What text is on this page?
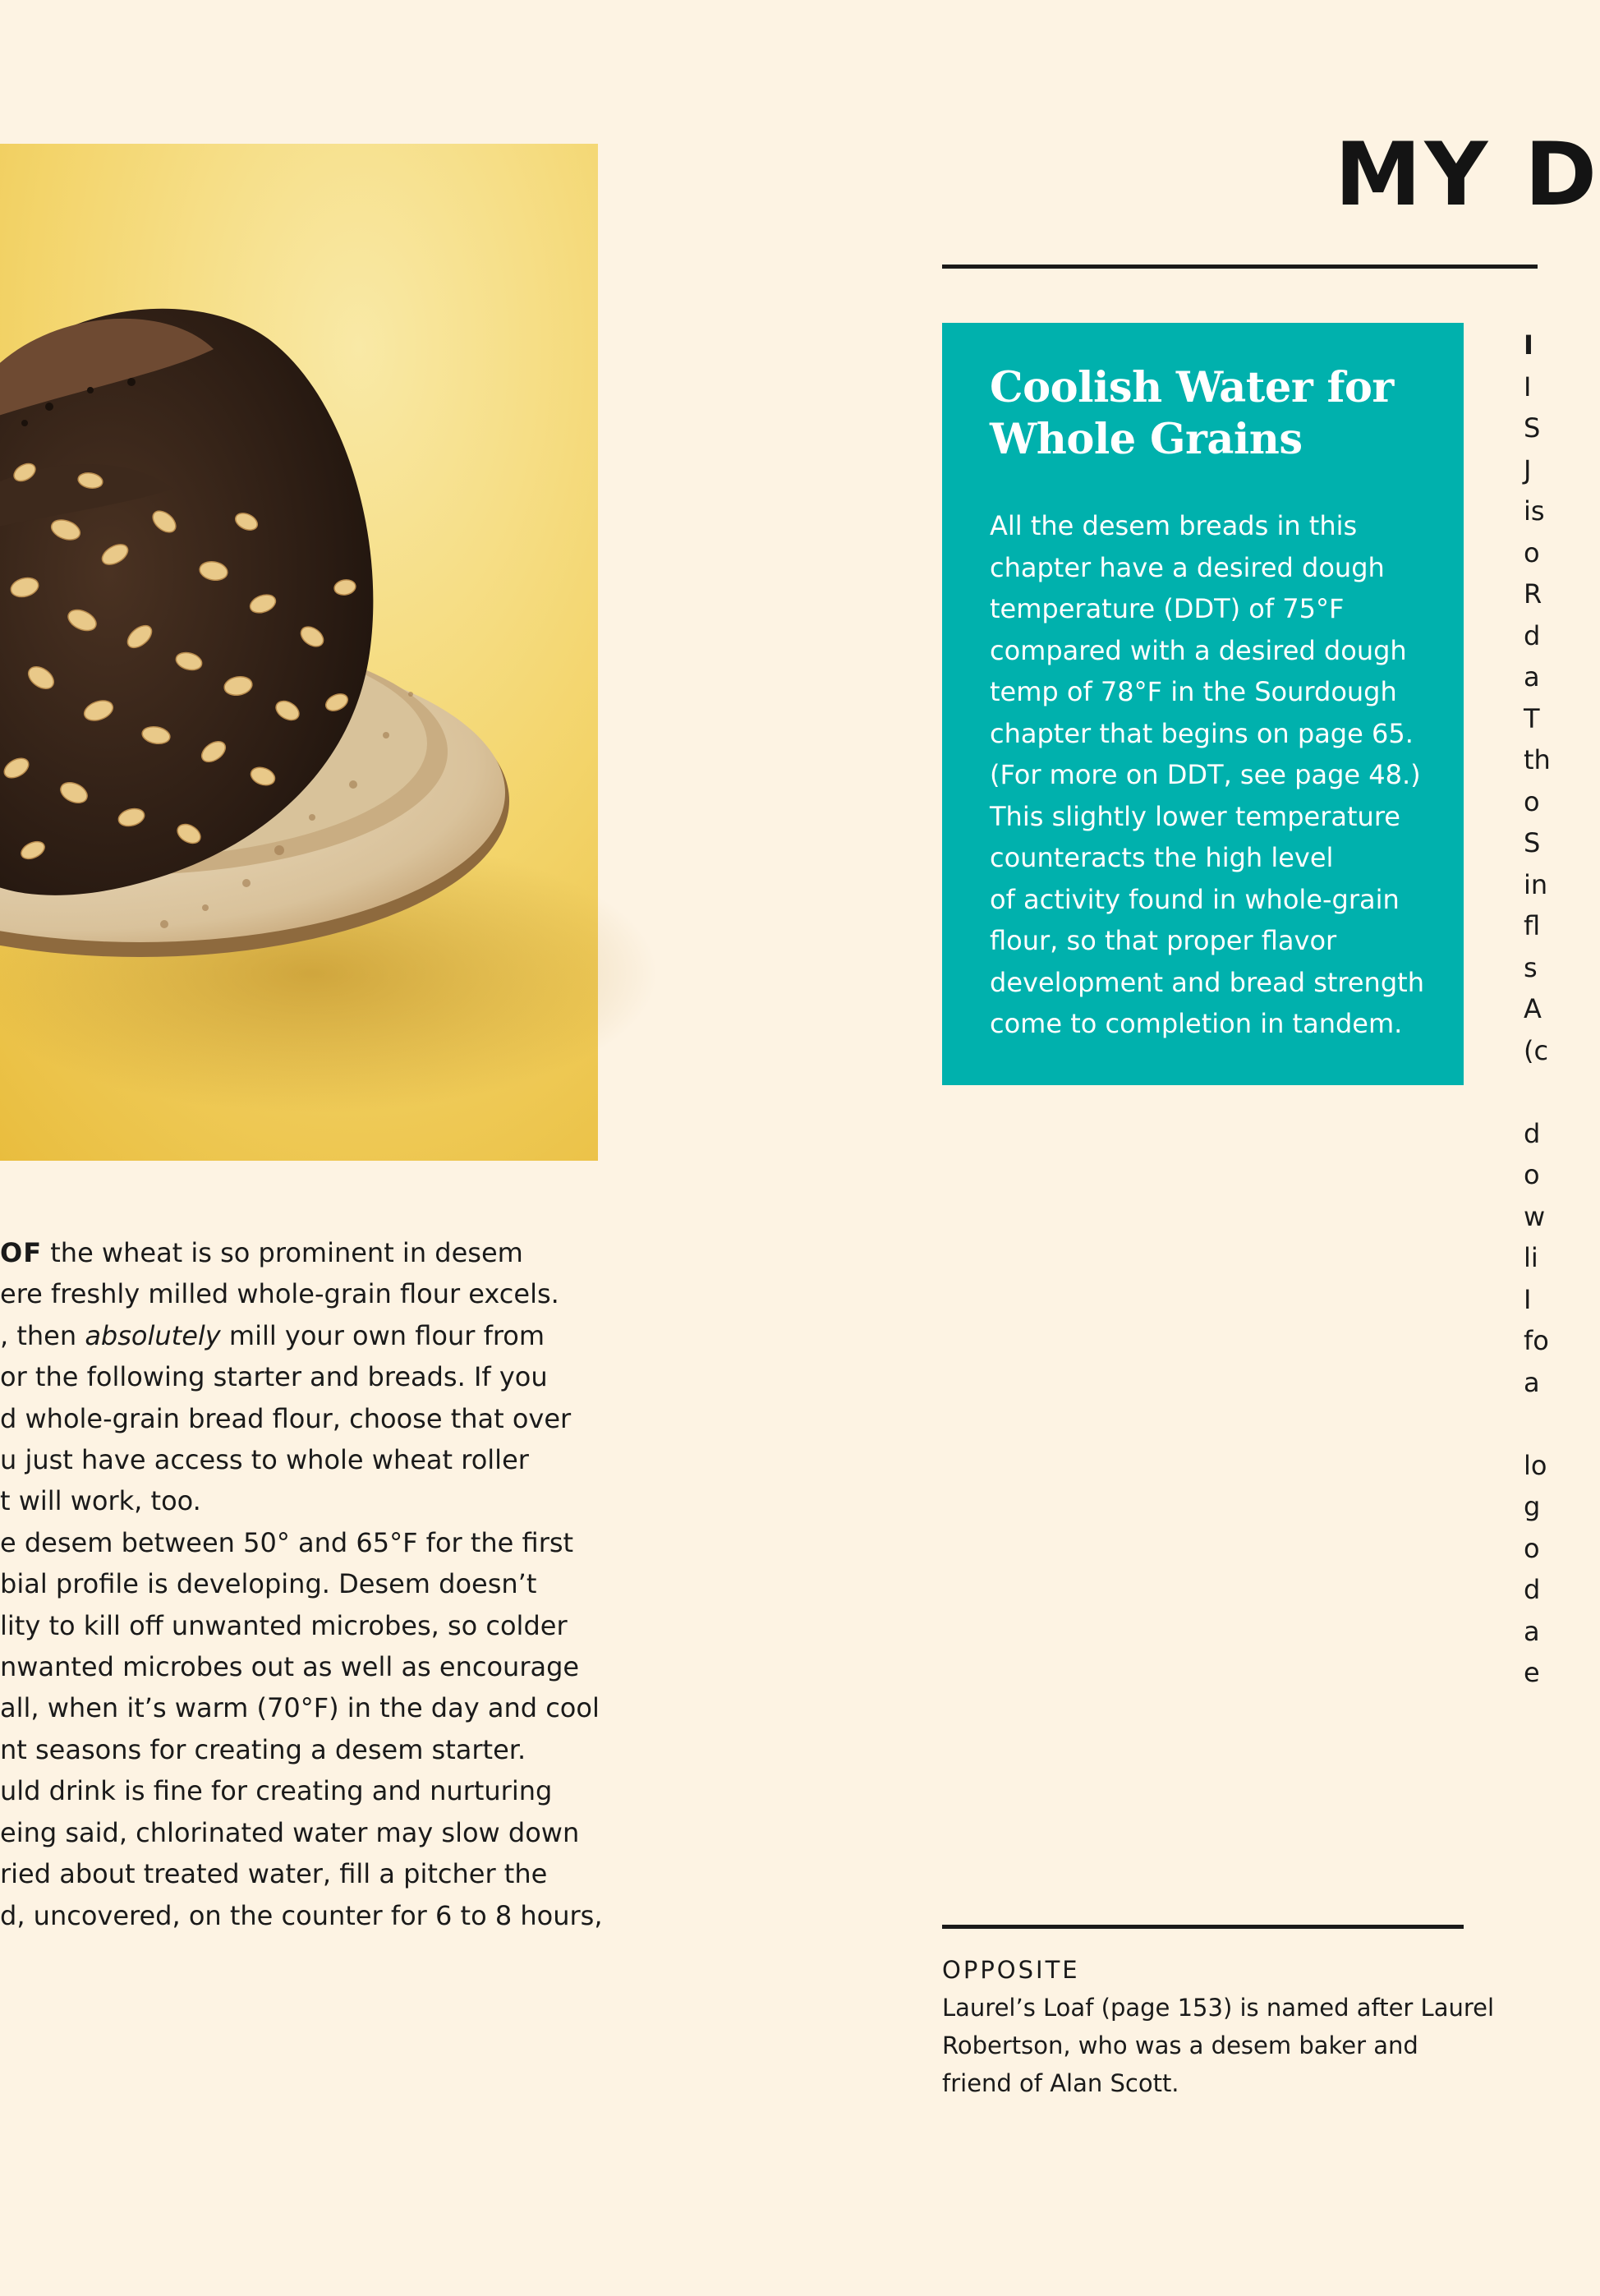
OF the wheat is so prominent in desem
ere freshly milled whole-grain flour excels.
, then absolutely mill your own flour from
or the following starter and breads. If you
d whole-grain bread flour, choose that over
u just have access to whole wheat roller
t will work, too.
e desem between 50° and 65°F for the first
bial profile is developing. Desem doesn’t
lity to kill off unwanted microbes, so colder
nwanted microbes out as well as encourage
all, when it’s warm (70°F) in the day and cool
nt seasons for creating a desem starter.
uld drink is fine for creating and nurturing
eing said, chlorinated water may slow down
ried about treated water, fill a pitcher the
d, uncovered, on the counter for 6 to 8 hours,
MY D
Coolish Water for
Whole Grains
All the desem breads in this
chapter have a desired dough
temperature (DDT) of 75°F
compared with a desired dough
temp of 78°F in the Sourdough
chapter that begins on page 65.
(For more on DDT, see page 48.)
This slightly lower temperature
counteracts the high level
of activity found in whole-grain
flour, so that proper flavor
development and bread strength
come to completion in tandem.
I
I
S
J
is
o
R
d
a
T
th
o
S
in
fl
s
A
(c
d
o
w
li
I
fo
a
lo
g
o
d
a
e
OPPOSITE
Laurel’s Loaf (page 153) is named after Laurel
Robertson, who was a desem baker and
friend of Alan Scott.
